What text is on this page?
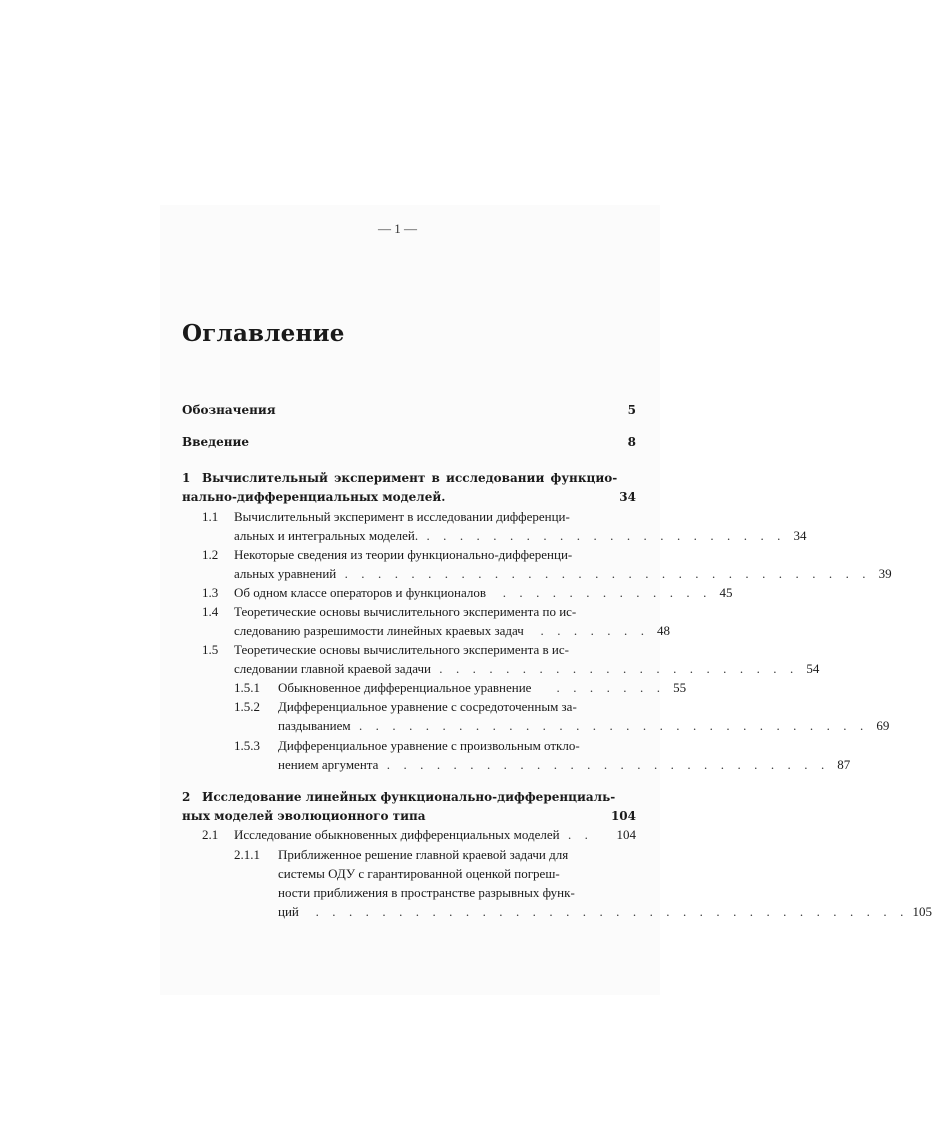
— 1 —
Оглавление
Обозначения	5
Введение	8
1 Вычислительный эксперимент в исследовании функцио-
нально-дифференциальных моделей.	34
1.1 Вычислительный эксперимент в исследовании дифференци-
альных и интегральных моделей. . . . . . . . . . . . . . . . . . . . . . . 34
1.2 Некоторые сведения из теории функционально-дифференци-
альных уравнений . . . . . . . . . . . . . . . . . . . . . . . . . . . . . . . . 39
1.3 Об одном классе операторов и функционалов . . . . . . . . . . . . . 45
1.4 Теоретические основы вычислительного эксперимента по ис-
следованию разрешимости линейных краевых задач . . . . . . . 48
1.5 Теоретические основы вычислительного эксперимента в ис-
следовании главной краевой задачи . . . . . . . . . . . . . . . . . . . . . . 54
1.5.1 Обыкновенное дифференциальное уравнение . . . . . . . 55
1.5.2 Дифференциальное уравнение с сосредоточенным за-
паздыванием . . . . . . . . . . . . . . . . . . . . . . . . . . . . . . . 69
1.5.3 Дифференциальное уравнение с произвольным откло-
нением аргумента . . . . . . . . . . . . . . . . . . . . . . . . . . . 87
2 Исследование линейных функционально-дифференциаль-
ных моделей эволюционного типа	104
2.1 Исследование обыкновенных дифференциальных моделей . .	104
2.1.1 Приближенное решение главной краевой задачи для
системы ОДУ с гарантированной оценкой погреш-
ности приближения в пространстве разрывных функ-
ций . . . . . . . . . . . . . . . . . . . . . . . . . . . . . . . . . . . . 105
